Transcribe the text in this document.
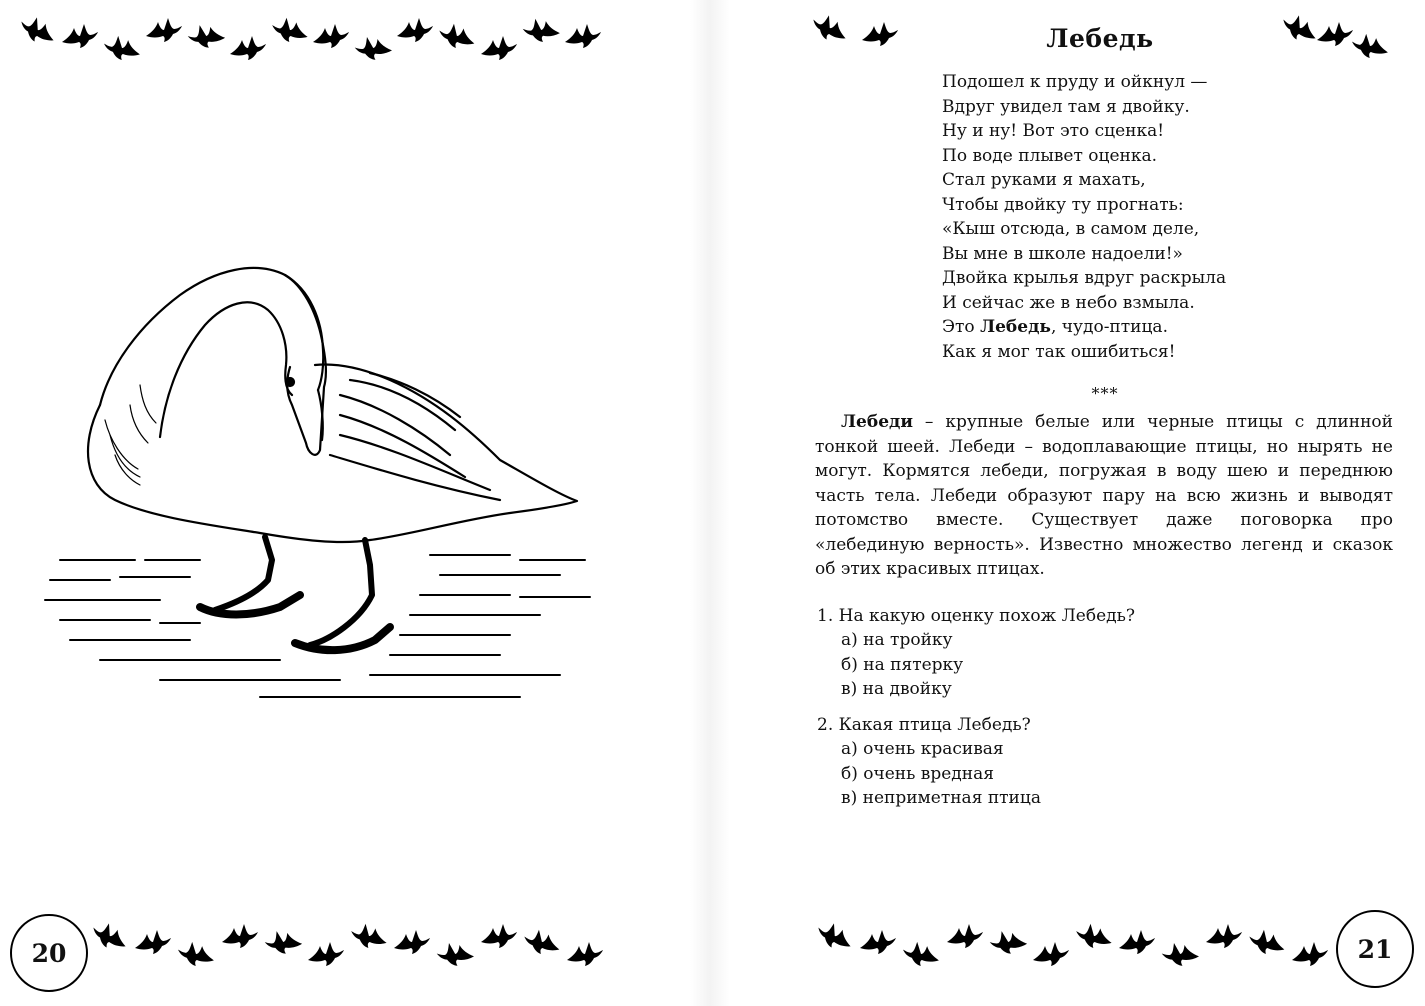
Лебедь
Подошел к пруду и ойкнул —
Вдруг увидел там я двойку.
Ну и ну! Вот это сценка!
По воде плывет оценка.
Стал руками я махать,
Чтобы двойку ту прогнать:
«Кыш отсюда, в самом деле,
Вы мне в школе надоели!»
Двойка крылья вдруг раскрыла
И сейчас же в небо взмыла.
Это Лебедь, чудо-птица.
Как я мог так ошибиться!
***

Лебеди – крупные белые или черные птицы с длинной тонкой шеей. Лебеди – водоплавающие птицы, но нырять не могут. Кормятся лебеди, погружая в воду шею и переднюю часть тела. Лебеди образуют пару на всю жизнь и выводят потомство вместе. Существует даже поговорка про «лебединую верность». Известно множество легенд и сказок об этих красивых птицах.

1. На какую оценку похож Лебедь?
а) на тройку
б) на пятерку
в) на двойку
2. Какая птица Лебедь?
а) очень красивая
б) очень вредная
в) неприметная птица
20	21
